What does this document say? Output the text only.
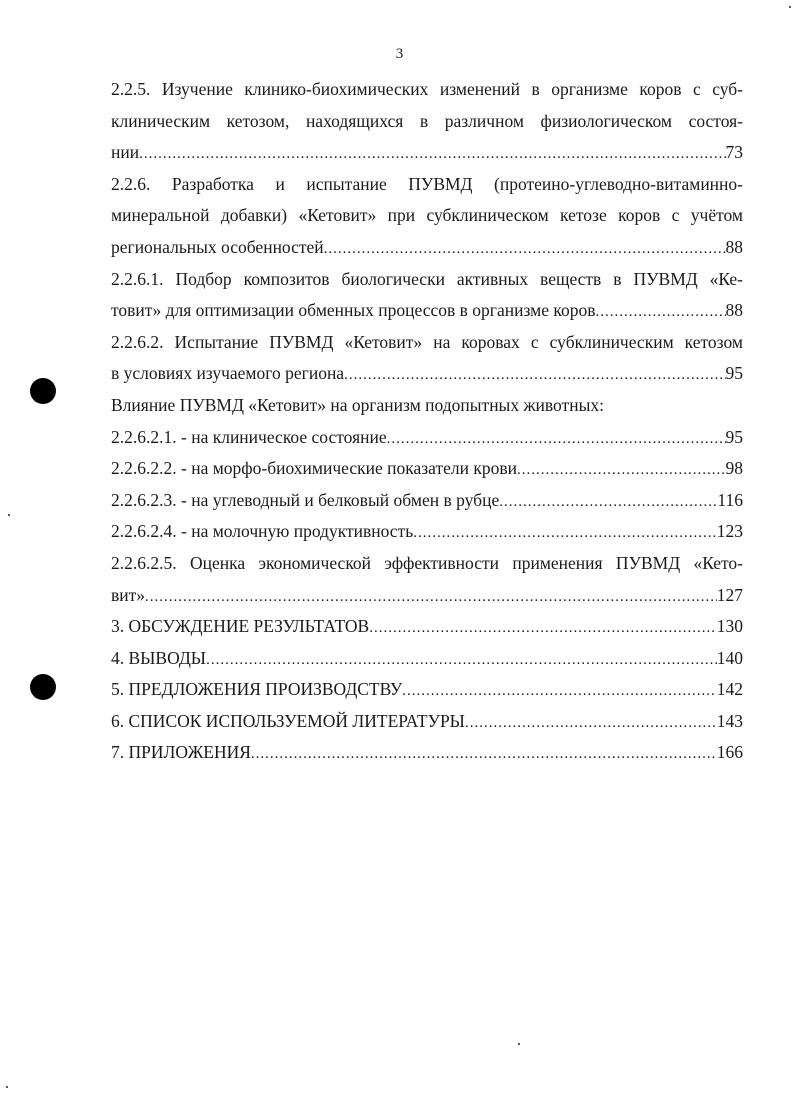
3
2.2.5. Изучение клинико-биохимических изменений в организме коров с суб-
клиническим кетозом, находящихся в различном физиологическом состоя-
нии .....	73
2.2.6. Разработка и испытание ПУВМД (протеино-углеводно-витаминно-
минеральной добавки) «Кетовит» при субклиническом кетозе коров с учётом
региональных особенностей .....	88
2.2.6.1. Подбор композитов биологически активных веществ в ПУВМД «Ке-
товит» для оптимизации обменных процессов в организме коров .....	88
2.2.6.2. Испытание ПУВМД «Кетовит» на коровах с субклиническим кетозом
в условиях изучаемого региона .....	95
Влияние ПУВМД «Кетовит» на организм подопытных животных:
2.2.6.2.1. - на клиническое состояние .....	95
2.2.6.2.2. - на морфо-биохимические показатели крови .....	98
2.2.6.2.3. - на углеводный и белковый обмен в рубце .....	116
2.2.6.2.4. - на молочную продуктивность .....	123
2.2.6.2.5. Оценка экономической эффективности применения ПУВМД «Кето-
вит» .....	127
3. ОБСУЖДЕНИЕ РЕЗУЛЬТАТОВ .....	130
4. ВЫВОДЫ .....	140
5. ПРЕДЛОЖЕНИЯ ПРОИЗВОДСТВУ .....	142
6. СПИСОК ИСПОЛЬЗУЕМОЙ ЛИТЕРАТУРЫ .....	143
7. ПРИЛОЖЕНИЯ .....	166
